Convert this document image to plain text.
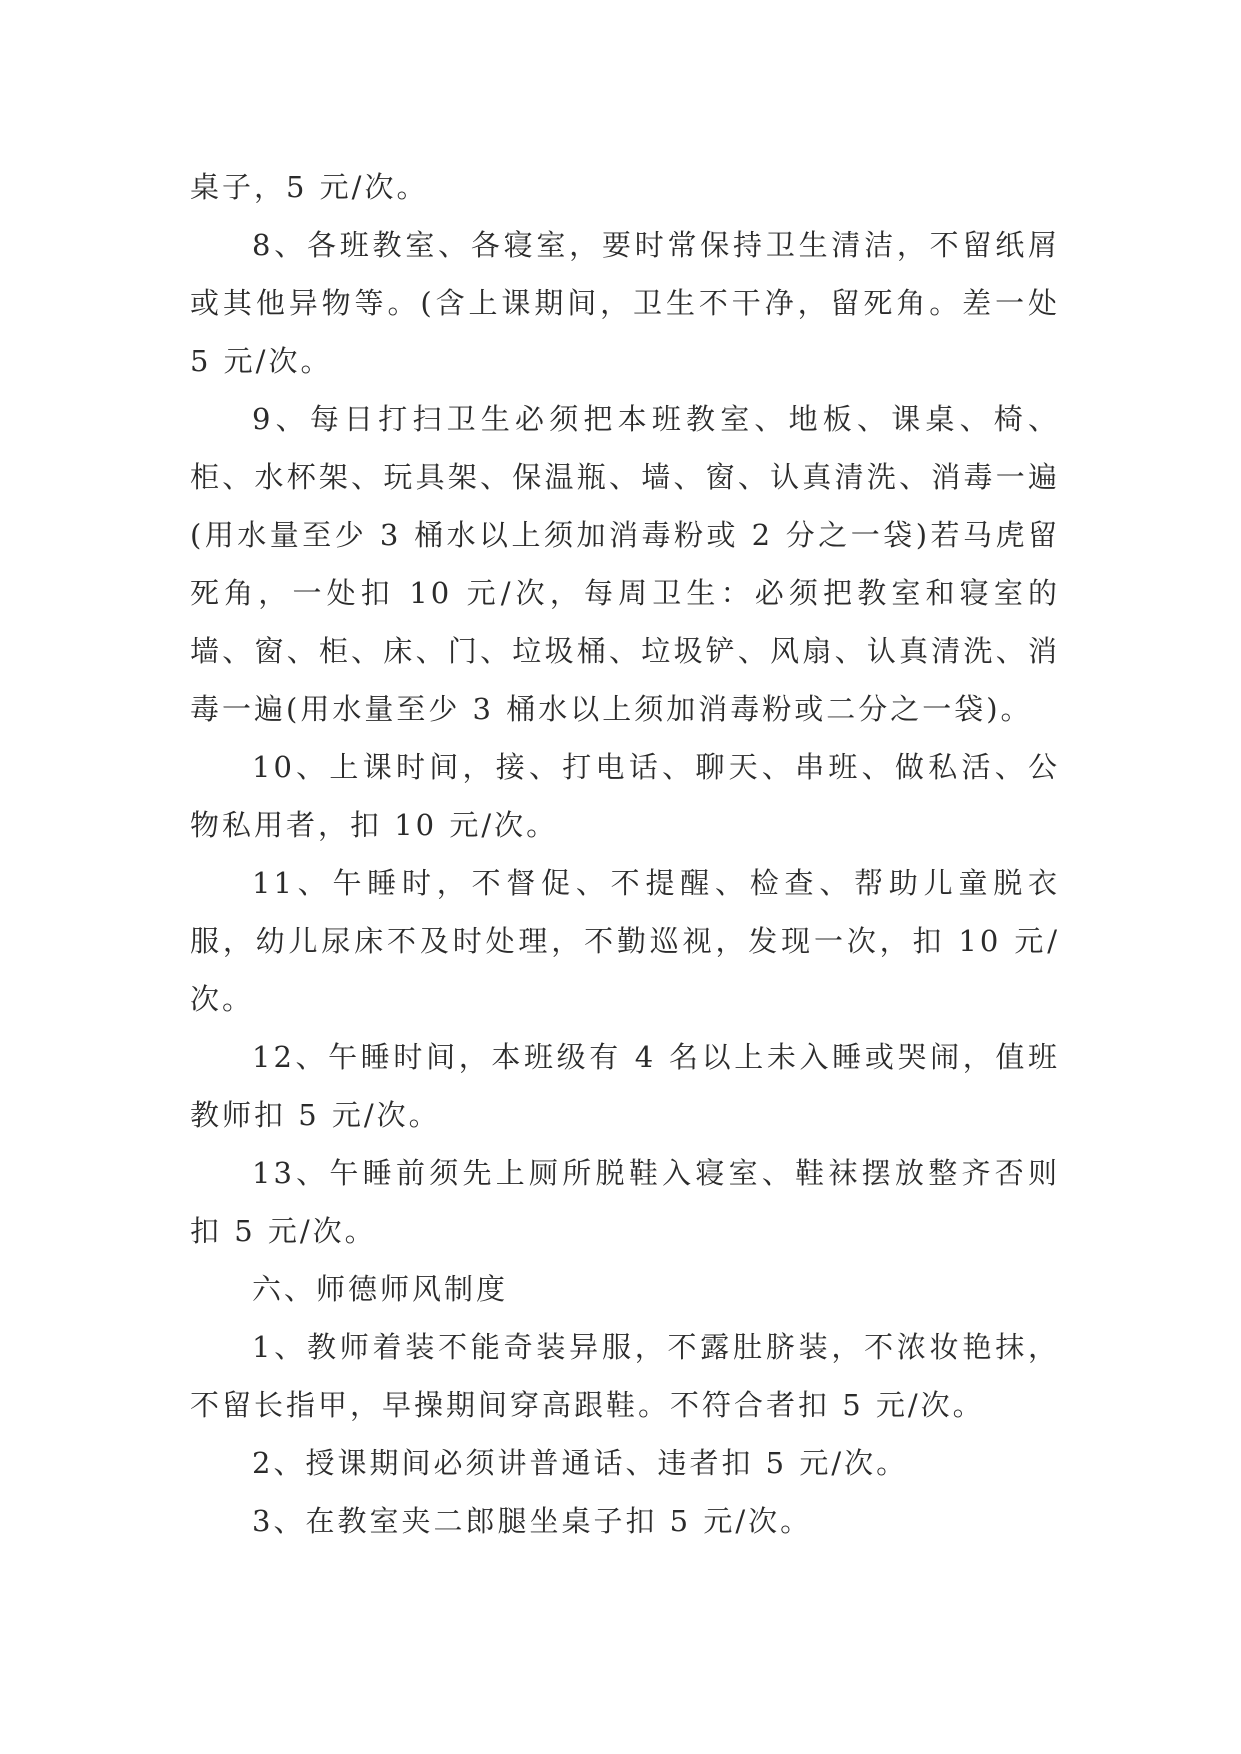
桌子，5 元/次。

8、各班教室、各寝室，要时常保持卫生清洁，不留纸屑或其他异物等。(含上课期间，卫生不干净，留死角。差一处 5 元/次。

9、每日打扫卫生必须把本班教室、地板、课桌、椅、柜、水杯架、玩具架、保温瓶、墙、窗、认真清洗、消毒一遍(用水量至少 3 桶水以上须加消毒粉或 2 分之一袋)若马虎留死角，一处扣 10 元/次，每周卫生：必须把教室和寝室的墙、窗、柜、床、门、垃圾桶、垃圾铲、风扇、认真清洗、消毒一遍(用水量至少 3 桶水以上须加消毒粉或二分之一袋)。

10、上课时间，接、打电话、聊天、串班、做私活、公物私用者，扣 10 元/次。

11、午睡时，不督促、不提醒、检查、帮助儿童脱衣服，幼儿尿床不及时处理，不勤巡视，发现一次，扣 10 元/次。

12、午睡时间，本班级有 4 名以上未入睡或哭闹，值班教师扣 5 元/次。

13、午睡前须先上厕所脱鞋入寝室、鞋袜摆放整齐否则扣 5 元/次。

六、师德师风制度

1、教师着装不能奇装异服，不露肚脐装，不浓妆艳抹，不留长指甲，早操期间穿高跟鞋。不符合者扣 5 元/次。

2、授课期间必须讲普通话、违者扣 5 元/次。

3、在教室夹二郎腿坐桌子扣 5 元/次。
